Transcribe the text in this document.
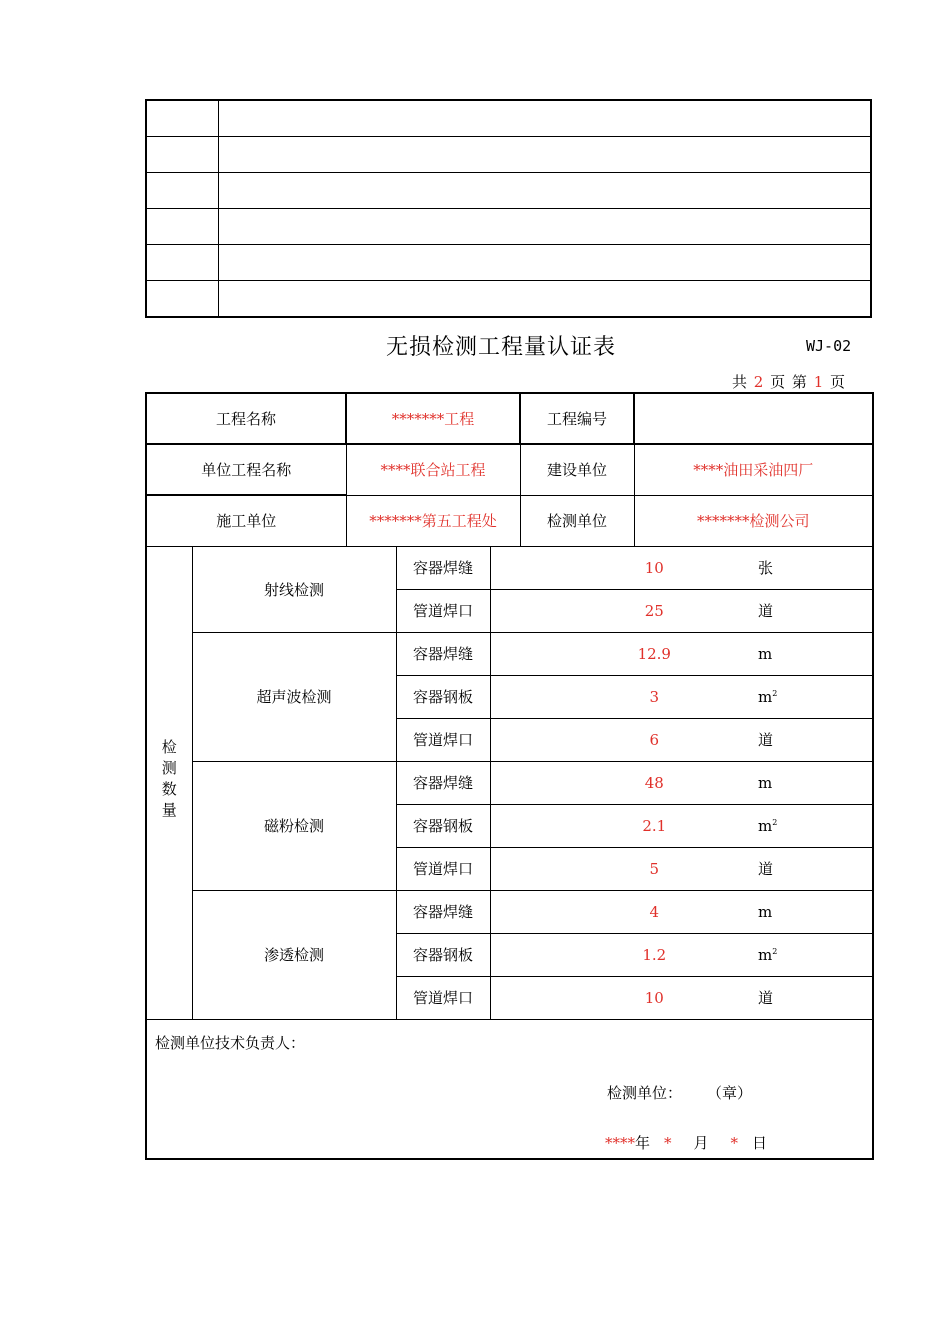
无损检测工程量认证表	WJ-02
共 2 页 第 1 页
工程名称		*******工程			工程编号		
单位工程名称		****联合站工程			建设单位	****油田采油四厂	
施工单位		*******第五工程处			检测单位	*******检测公司	
检测数量	射线检测		容器焊缝	10			张
			管道焊口	25			道
	超声波检测		容器焊缝	12.9			m
			容器钢板	3			$m^2$
			管道焊口	6			道
	磁粉检测		容器焊缝	48			m
			容器钢板	2.1			$m^2$
			管道焊口	5			道
	渗透检测		容器焊缝	4			m
			容器钢板	1.2			$m^2$
			管道焊口	10			道

检测单位技术负责人：
检测单位： （章）
****年 * 月 * 日							
